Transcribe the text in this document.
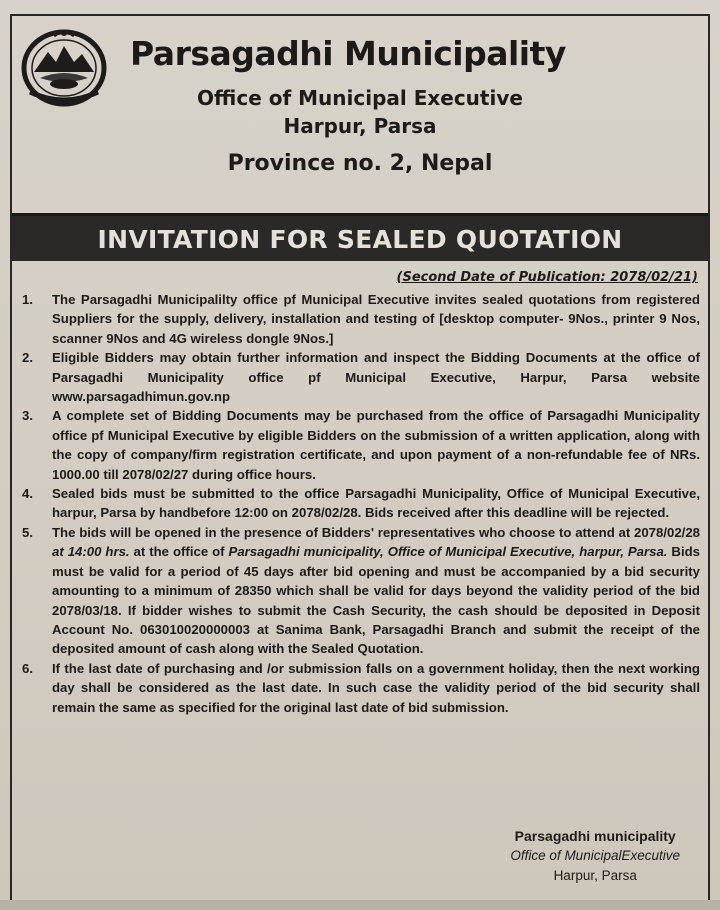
Parsagadhi Municipality
Office of Municipal Executive
Harpur, Parsa
Province no. 2, Nepal
INVITATION FOR SEALED QUOTATION
(Second Date of Publication: 2078/02/21)
1. The Parsagadhi Municipalilty office pf Municipal Executive invites sealed quotations from registered Suppliers for the supply, delivery, installation and testing of [desktop computer- 9Nos., printer 9 Nos, scanner 9Nos and 4G wireless dongle 9Nos.]
2. Eligible Bidders may obtain further information and inspect the Bidding Documents at the office of Parsagadhi Municipality office pf Municipal Executive, Harpur, Parsa website www.parsagadhimun.gov.np
3. A complete set of Bidding Documents may be purchased from the office of Parsagadhi Municipality office pf Municipal Executive by eligible Bidders on the submission of a written application, along with the copy of company/firm registration certificate, and upon payment of a non-refundable fee of NRs. 1000.00 till 2078/02/27 during office hours.
4. Sealed bids must be submitted to the office Parsagadhi Municipality, Office of Municipal Executive, harpur, Parsa by handbefore 12:00 on 2078/02/28. Bids received after this deadline will be rejected.
5. The bids will be opened in the presence of Bidders' representatives who choose to attend at 2078/02/28 at 14:00 hrs. at the office of Parsagadhi municipality, Office of Municipal Executive, harpur, Parsa. Bids must be valid for a period of 45 days after bid opening and must be accompanied by a bid security amounting to a minimum of 28350 which shall be valid for days beyond the validity period of the bid 2078/03/18. If bidder wishes to submit the Cash Security, the cash should be deposited in Deposit Account No. 063010020000003 at Sanima Bank, Parsagadhi Branch and submit the receipt of the deposited amount of cash along with the Sealed Quotation.
6. If the last date of purchasing and /or submission falls on a government holiday, then the next working day shall be considered as the last date. In such case the validity period of the bid security shall remain the same as specified for the original last date of bid submission.
Parsagadhi municipality
Office of MunicipalExecutive
Harpur, Parsa
